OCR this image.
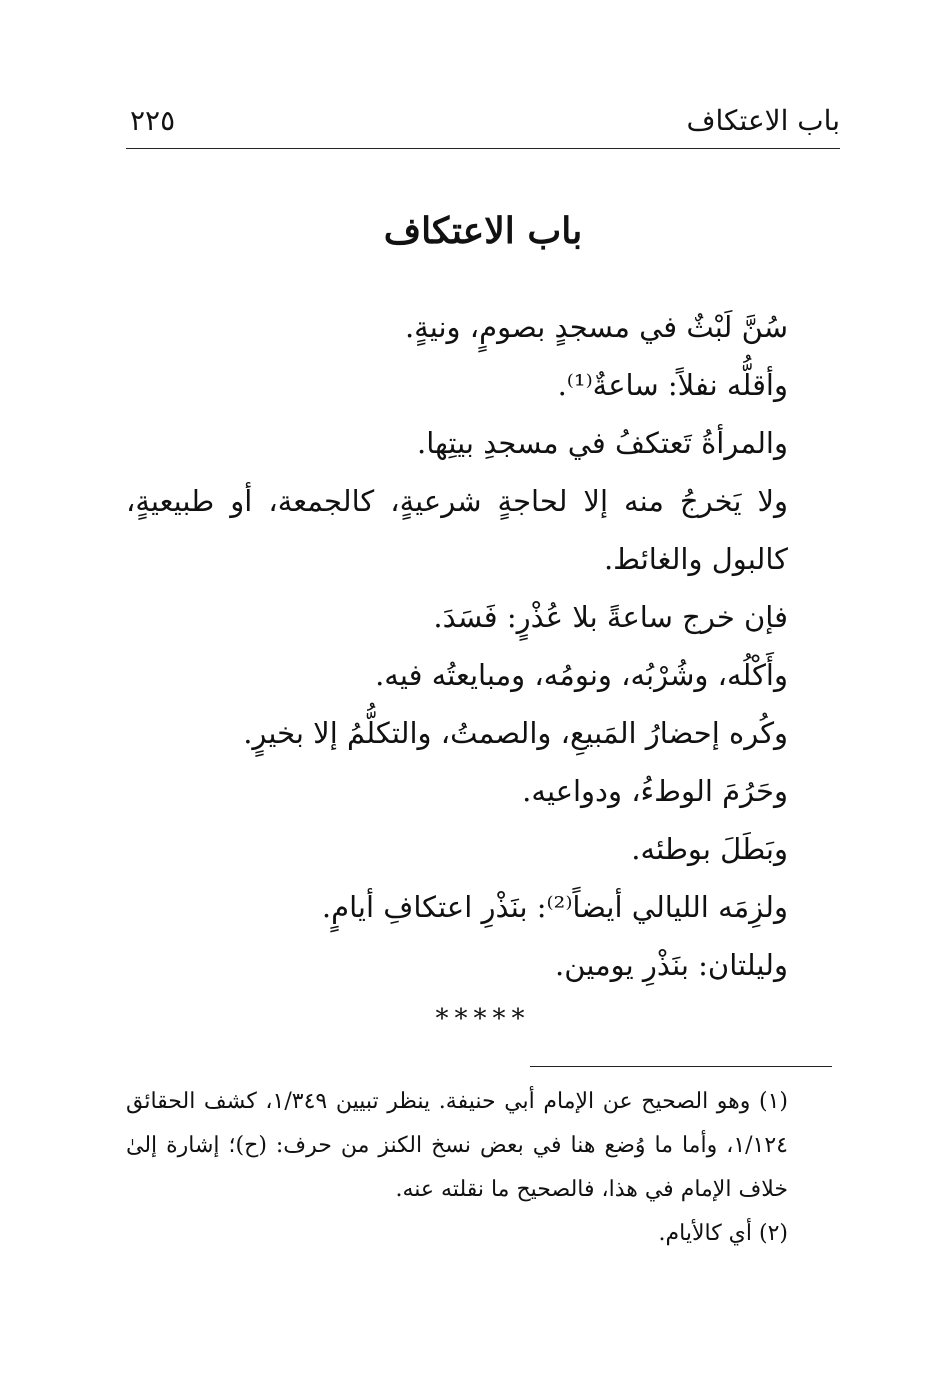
باب الاعتكاف
٢٢٥
باب الاعتكاف

سُنَّ لَبْثٌ في مسجدٍ بصومٍ، ونيةٍ.

وأقلُّه نفلاً: ساعةٌ⁽¹⁾.

والمرأةُ تَعتكفُ في مسجدِ بيتِها.

ولا يَخرجُ منه إلا لحاجةٍ شرعيةٍ، كالجمعة، أو طبيعيةٍ، كالبول والغائط.

فإن خرج ساعةً بلا عُذْرٍ: فَسَدَ.

وأَكْلُه، وشُرْبُه، ونومُه، ومبايعتُه فيه.

وكُره إحضارُ المَبيعِ، والصمتُ، والتكلُّمُ إلا بخيرٍ.

وحَرُمَ الوطءُ، ودواعيه.

وبَطَلَ بوطئه.

ولزِمَه الليالي أيضاً⁽²⁾: بنَذْرِ اعتكافِ أيامٍ.

وليلتان: بنَذْرِ يومين.

*****

(١) وهو الصحيح عن الإمام أبي حنيفة. ينظر تبيين ١/٣٤٩، كشف الحقائق ١/١٢٤، وأما ما وُضع هنا في بعض نسخ الكنز من حرف: (ح)؛ إشارة إلىٰ خلاف الإمام في هذا، فالصحيح ما نقلته عنه.

(٢) أي كالأيام.
